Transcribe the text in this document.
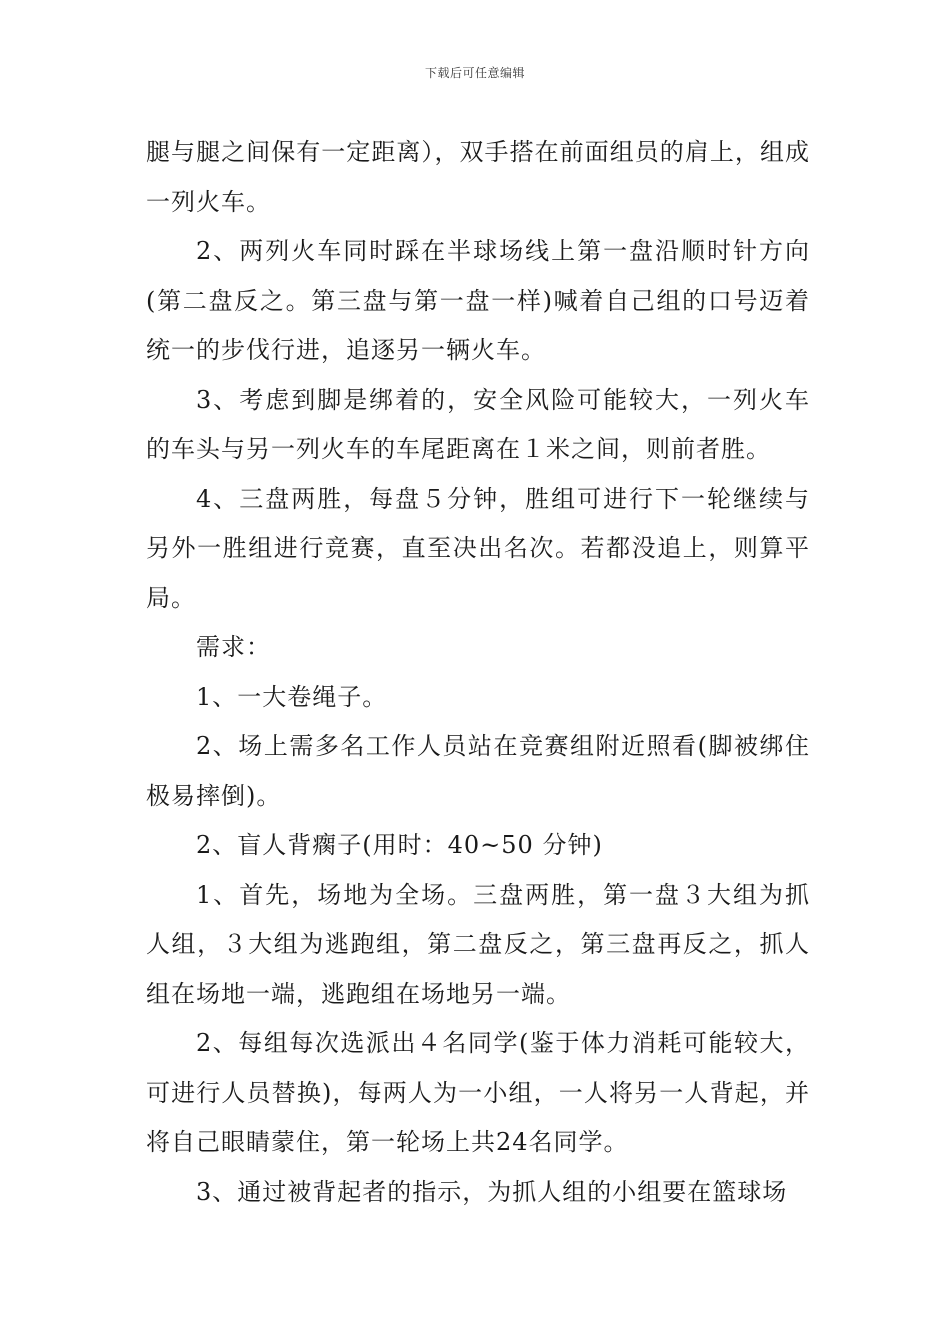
下载后可任意编辑

腿与腿之间保有一定距离），双手搭在前面组员的肩上，组成一列火车。

2、两列火车同时踩在半球场线上第一盘沿顺时针方向(第二盘反之。第三盘与第一盘一样)喊着自己组的口号迈着统一的步伐行进，追逐另一辆火车。

3、考虑到脚是绑着的，安全风险可能较大，一列火车的车头与另一列火车的车尾距离在１米之间，则前者胜。

4、三盘两胜，每盘５分钟，胜组可进行下一轮继续与另外一胜组进行竞赛，直至决出名次。若都没追上，则算平局。

需求：

1、一大卷绳子。

2、场上需多名工作人员站在竞赛组附近照看(脚被绑住极易摔倒)。

2、盲人背瘸子(用时：40~50 分钟)

1、首先，场地为全场。三盘两胜，第一盘３大组为抓人组，３大组为逃跑组，第二盘反之，第三盘再反之，抓人组在场地一端，逃跑组在场地另一端。

2、每组每次选派出４名同学(鉴于体力消耗可能较大，可进行人员替换)，每两人为一小组，一人将另一人背起，并将自己眼睛蒙住，第一轮场上共24名同学。

3、通过被背起者的指示，为抓人组的小组要在篮球场
